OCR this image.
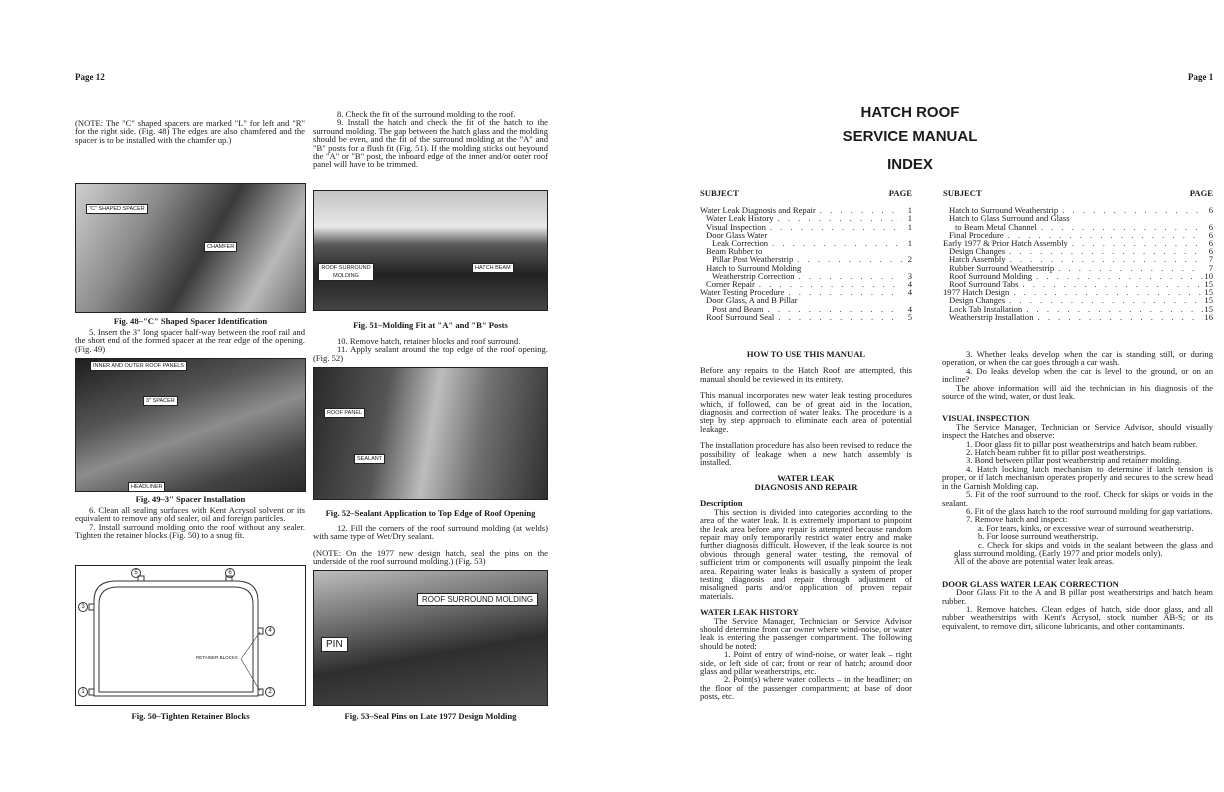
Page 12
(NOTE: The "C" shaped spacers are marked "L" for left and "R" for the right side. (Fig. 48) The edges are also chamfered and the spacer is to be installed with the chamfer up.)
"C" SHAPED SPACER
CHAMFER
Fig. 48–"C" Shaped Spacer Identification
5. Insert the 3" long spacer half-way between the roof rail and the short end of the formed spacer at the rear edge of the opening. (Fig. 49)
INNER AND OUTER ROOF PANELS
3" SPACER
HEADLINER
Fig. 49–3" Spacer Installation

6. Clean all sealing surfaces with Kent Acrysol solvent or its equivalent to remove any old sealer, oil and foreign particles.

7. Install surround molding onto the roof without any sealer. Tighten the retainer blocks (Fig. 50) to a snug fit.

5	6
3
4
1	2
RETAINER BLOCKS
Fig. 50–Tighten Retainer Blocks

8. Check the fit of the surround molding to the roof.

9. Install the hatch and check the fit of the hatch to the surround molding. The gap between the hatch glass and the molding should be even, and the fit of the surround molding at the "A" and "B" posts for a flush fit (Fig. 51). If the molding sticks out beyound the "A" or "B" post, the inboard edge of the inner and/or outer roof panel will have to be trimmed.

ROOF SURROUND MOLDING
HATCH BEAM
Fig. 51–Molding Fit at "A" and "B" Posts

10. Remove hatch, retainer blocks and roof surround.

11. Apply sealant around the top edge of the roof opening. (Fig. 52)

ROOF PANEL
SEALANT
Fig. 52–Sealant Application to Top Edge of Roof Opening

12. Fill the corners of the roof surround molding (at welds) with same type of Wet/Dry sealant.

(NOTE: On the 1977 new design hatch, seal the pins on the underside of the roof surround molding.) (Fig. 53)

ROOF SURROUND MOLDING
PIN
Fig. 53–Seal Pins on Late 1977 Design Molding
Page 1
HATCH ROOF
SERVICE MANUAL
INDEX
SUBJECT	PAGE
Water Leak Diagnosis and Repair . . .	1
Water Leak History . . .	1
Visual Inspection . . .	1
Door Glass Water
Leak Correction . . .	1
Beam Rubber to
Pillar Post Weatherstrip . . .	2
Hatch to Surround Molding
Weatherstrip Correction . . .	3
Corner Repair . . .	4
Water Testing Procedure . . .	4
Door Glass, A and B Pillar
Post and Beam . . .	4
Roof Surround Seal . . .	5
SUBJECT	PAGE
Hatch to Surround Weatherstrip . . .	6
Hatch to Glass Surround and Glass
to Beam Metal Channel . . .	6
Final Procedure . . .	6
Early 1977 & Prior Hatch Assembly . . .	6
Design Changes . . .	6
Hatch Assembly . . .	7
Rubber Surround Weatherstrip . . .	7
Roof Surround Molding . . .	10
Roof Surround Tabs . . .	15
1977 Hatch Design . . .	15
Design Changes . . .	15
Lock Tab Installation . . .	15
Weatherstrip Installation . . .	16

HOW TO USE THIS MANUAL

Before any repairs to the Hatch Roof are attempted, this manual should be reviewed in its entirety.

This manual incorporates new water leak testing procedures which, if followed, can be of great aid in the location, diagnosis and correction of water leaks. The procedure is a step by step approach to eliminate each area of potential leakage.

The installation procedure has also been revised to reduce the possibility of leakage when a new hatch assembly is installed.

WATER LEAK

DIAGNOSIS AND REPAIR

Description

This section is divided into categories according to the area of the water leak. It is extremely important to pinpoint the leak area before any repair is attempted because random repair may only temporarily restrict water entry and make further diagnosis difficult. However, if the leak source is not obvious through general water testing, the removal of sufficient trim or components will usually pinpoint the leak area. Repairing water leaks is basically a system of proper testing diagnosis and repair through adjustment of misaligned parts and/or application of proven repair materials.

WATER LEAK HISTORY

The Service Manager, Technician or Service Advisor should determine from car owner where wind-noise, or water leak is entering the passenger compartment. The following should be noted:

1. Point of entry of wind-noise, or water leak – right side, or left side of car; front or rear of hatch; around door glass and pillar weatherstrips, etc.

2. Point(s) where water collects – in the headliner; on the floor of the passenger compartment; at base of door posts, etc.

3. Whether leaks develop when the car is standing still, or during operation, or when the car goes through a car wash.

4. Do leaks develop when the car is level to the ground, or on an incline?

The above information will aid the technician in his diagnosis of the source of the wind, water, or dust leak.

VISUAL INSPECTION

The Service Manager, Technician or Service Advisor, should visually inspect the Hatches and observe:

1. Door glass fit to pillar post weatherstrips and hatch beam rubber.

2. Hatch beam rubber fit to pillar post weatherstrips.

3. Bond between pillar post weatherstrip and retainer molding.

4. Hatch locking latch mechanism to determine if latch tension is proper, or if latch mechanism operates properly and secures to the screw head in the Garnish Molding cap.

5. Fit of the roof surround to the roof. Check for skips or voids in the sealant.

6. Fit of the glass hatch to the roof surround molding for gap variations.

7. Remove hatch and inspect:

a. For tears, kinks, or excessive wear of surround weatherstrip.

b. For loose surround weatherstrip.

c. Check for skips and voids in the sealant between the glass and glass surround molding. (Early 1977 and prior models only).

All of the above are potential water leak areas.

DOOR GLASS WATER LEAK CORRECTION

Door Glass Fit to the A and B pillar post weatherstrips and hatch beam rubber.

1. Remove hatches. Clean edges of hatch, side door glass, and all rubber weatherstrips with Kent's Acrysol, stock number AB-S; or its equivalent, to remove dirt, silicone lubricants, and other contaminants.
